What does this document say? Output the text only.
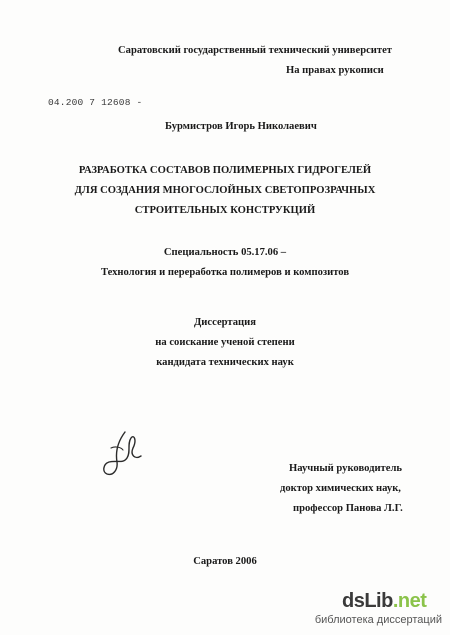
Саратовский государственный технический университет
На правах рукописи
04.200 7 12608 -
Бурмистров Игорь Николаевич
РАЗРАБОТКА СОСТАВОВ ПОЛИМЕРНЫХ ГИДРОГЕЛЕЙ
ДЛЯ СОЗДАНИЯ МНОГОСЛОЙНЫХ СВЕТОПРОЗРАЧНЫХ
СТРОИТЕЛЬНЫХ КОНСТРУКЦИЙ
Специальность 05.17.06 –
Технология и переработка полимеров и композитов
Диссертация
на соискание ученой степени
кандидата технических наук
Научный руководитель
доктор химических наук,
профессор Панова Л.Г.
Саратов 2006
dsLib.net
библиотека диссертаций
